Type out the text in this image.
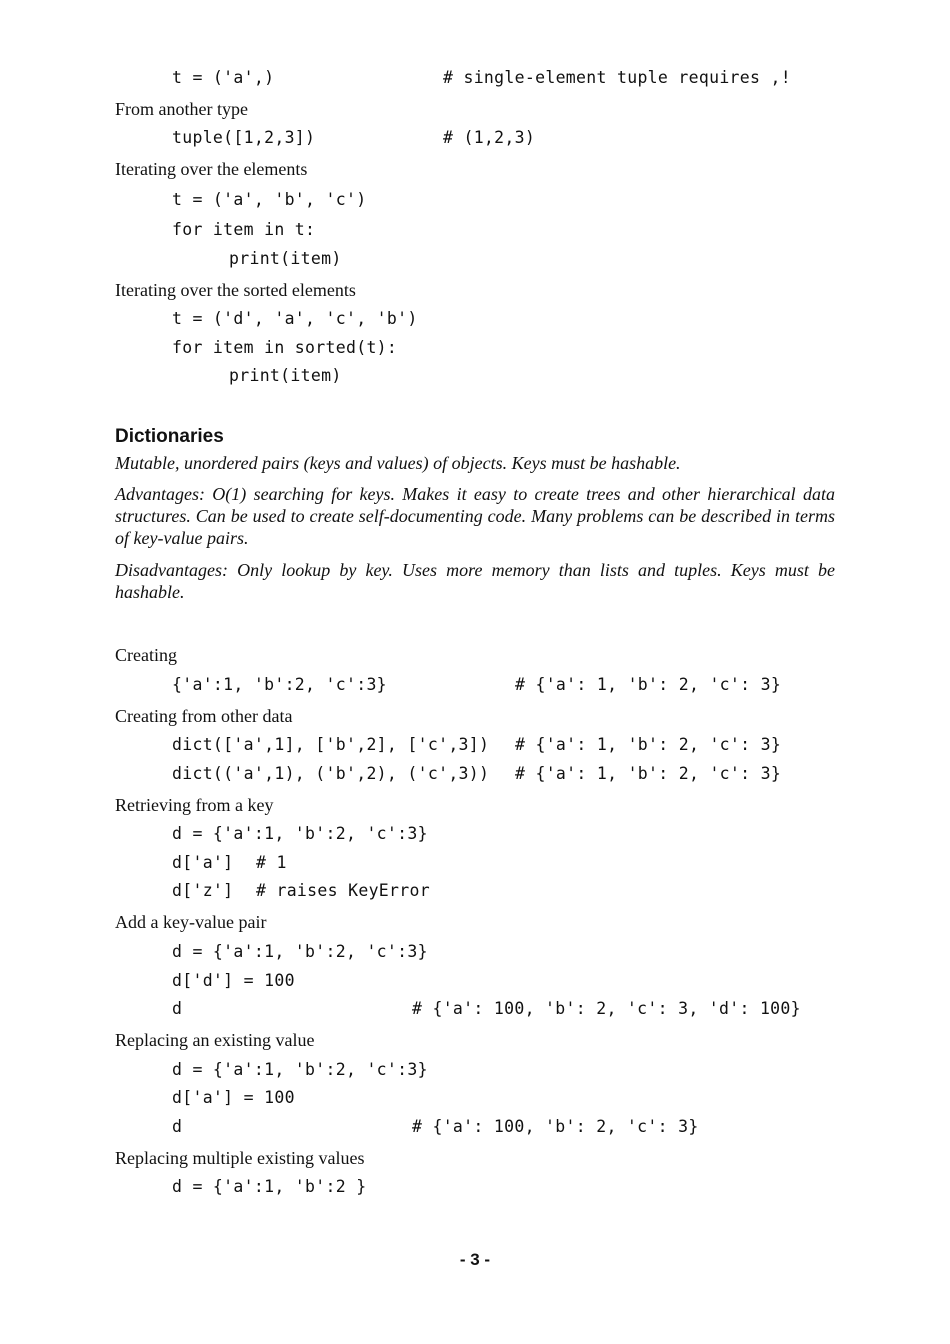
t = ('a',)	# single-element tuple requires ,!
From another type
tuple([1,2,3])	# (1,2,3)
Iterating over the elements
t = ('a', 'b', 'c')
for item in t:
print(item)
Iterating over the sorted elements
t = ('d', 'a', 'c', 'b')
for item in sorted(t):
print(item)
Dictionaries
Mutable, unordered pairs (keys and values) of objects. Keys must be hashable.
Advantages: O(1) searching for keys. Makes it easy to create trees and other hierarchical data structures. Can be used to create self-documenting code. Many problems can be described in terms of key-value pairs.
Disadvantages: Only lookup by key. Uses more memory than lists and tuples. Keys must be hashable.
Creating
{'a':1, 'b':2, 'c':3}	# {'a': 1, 'b': 2, 'c': 3}
Creating from other data
dict(['a',1], ['b',2], ['c',3]) # {'a': 1, 'b': 2, 'c': 3}
dict(('a',1), ('b',2), ('c',3)) # {'a': 1, 'b': 2, 'c': 3}
Retrieving from a key
d = {'a':1, 'b':2, 'c':3}
d['a'] # 1
d['z'] # raises KeyError
Add a key-value pair
d = {'a':1, 'b':2, 'c':3}
d['d'] = 100
d	# {'a': 100, 'b': 2, 'c': 3, 'd': 100}
Replacing an existing value
d = {'a':1, 'b':2, 'c':3}
d['a'] = 100
d	# {'a': 100, 'b': 2, 'c': 3}
Replacing multiple existing values
d = {'a':1, 'b':2 }
- 3 -
